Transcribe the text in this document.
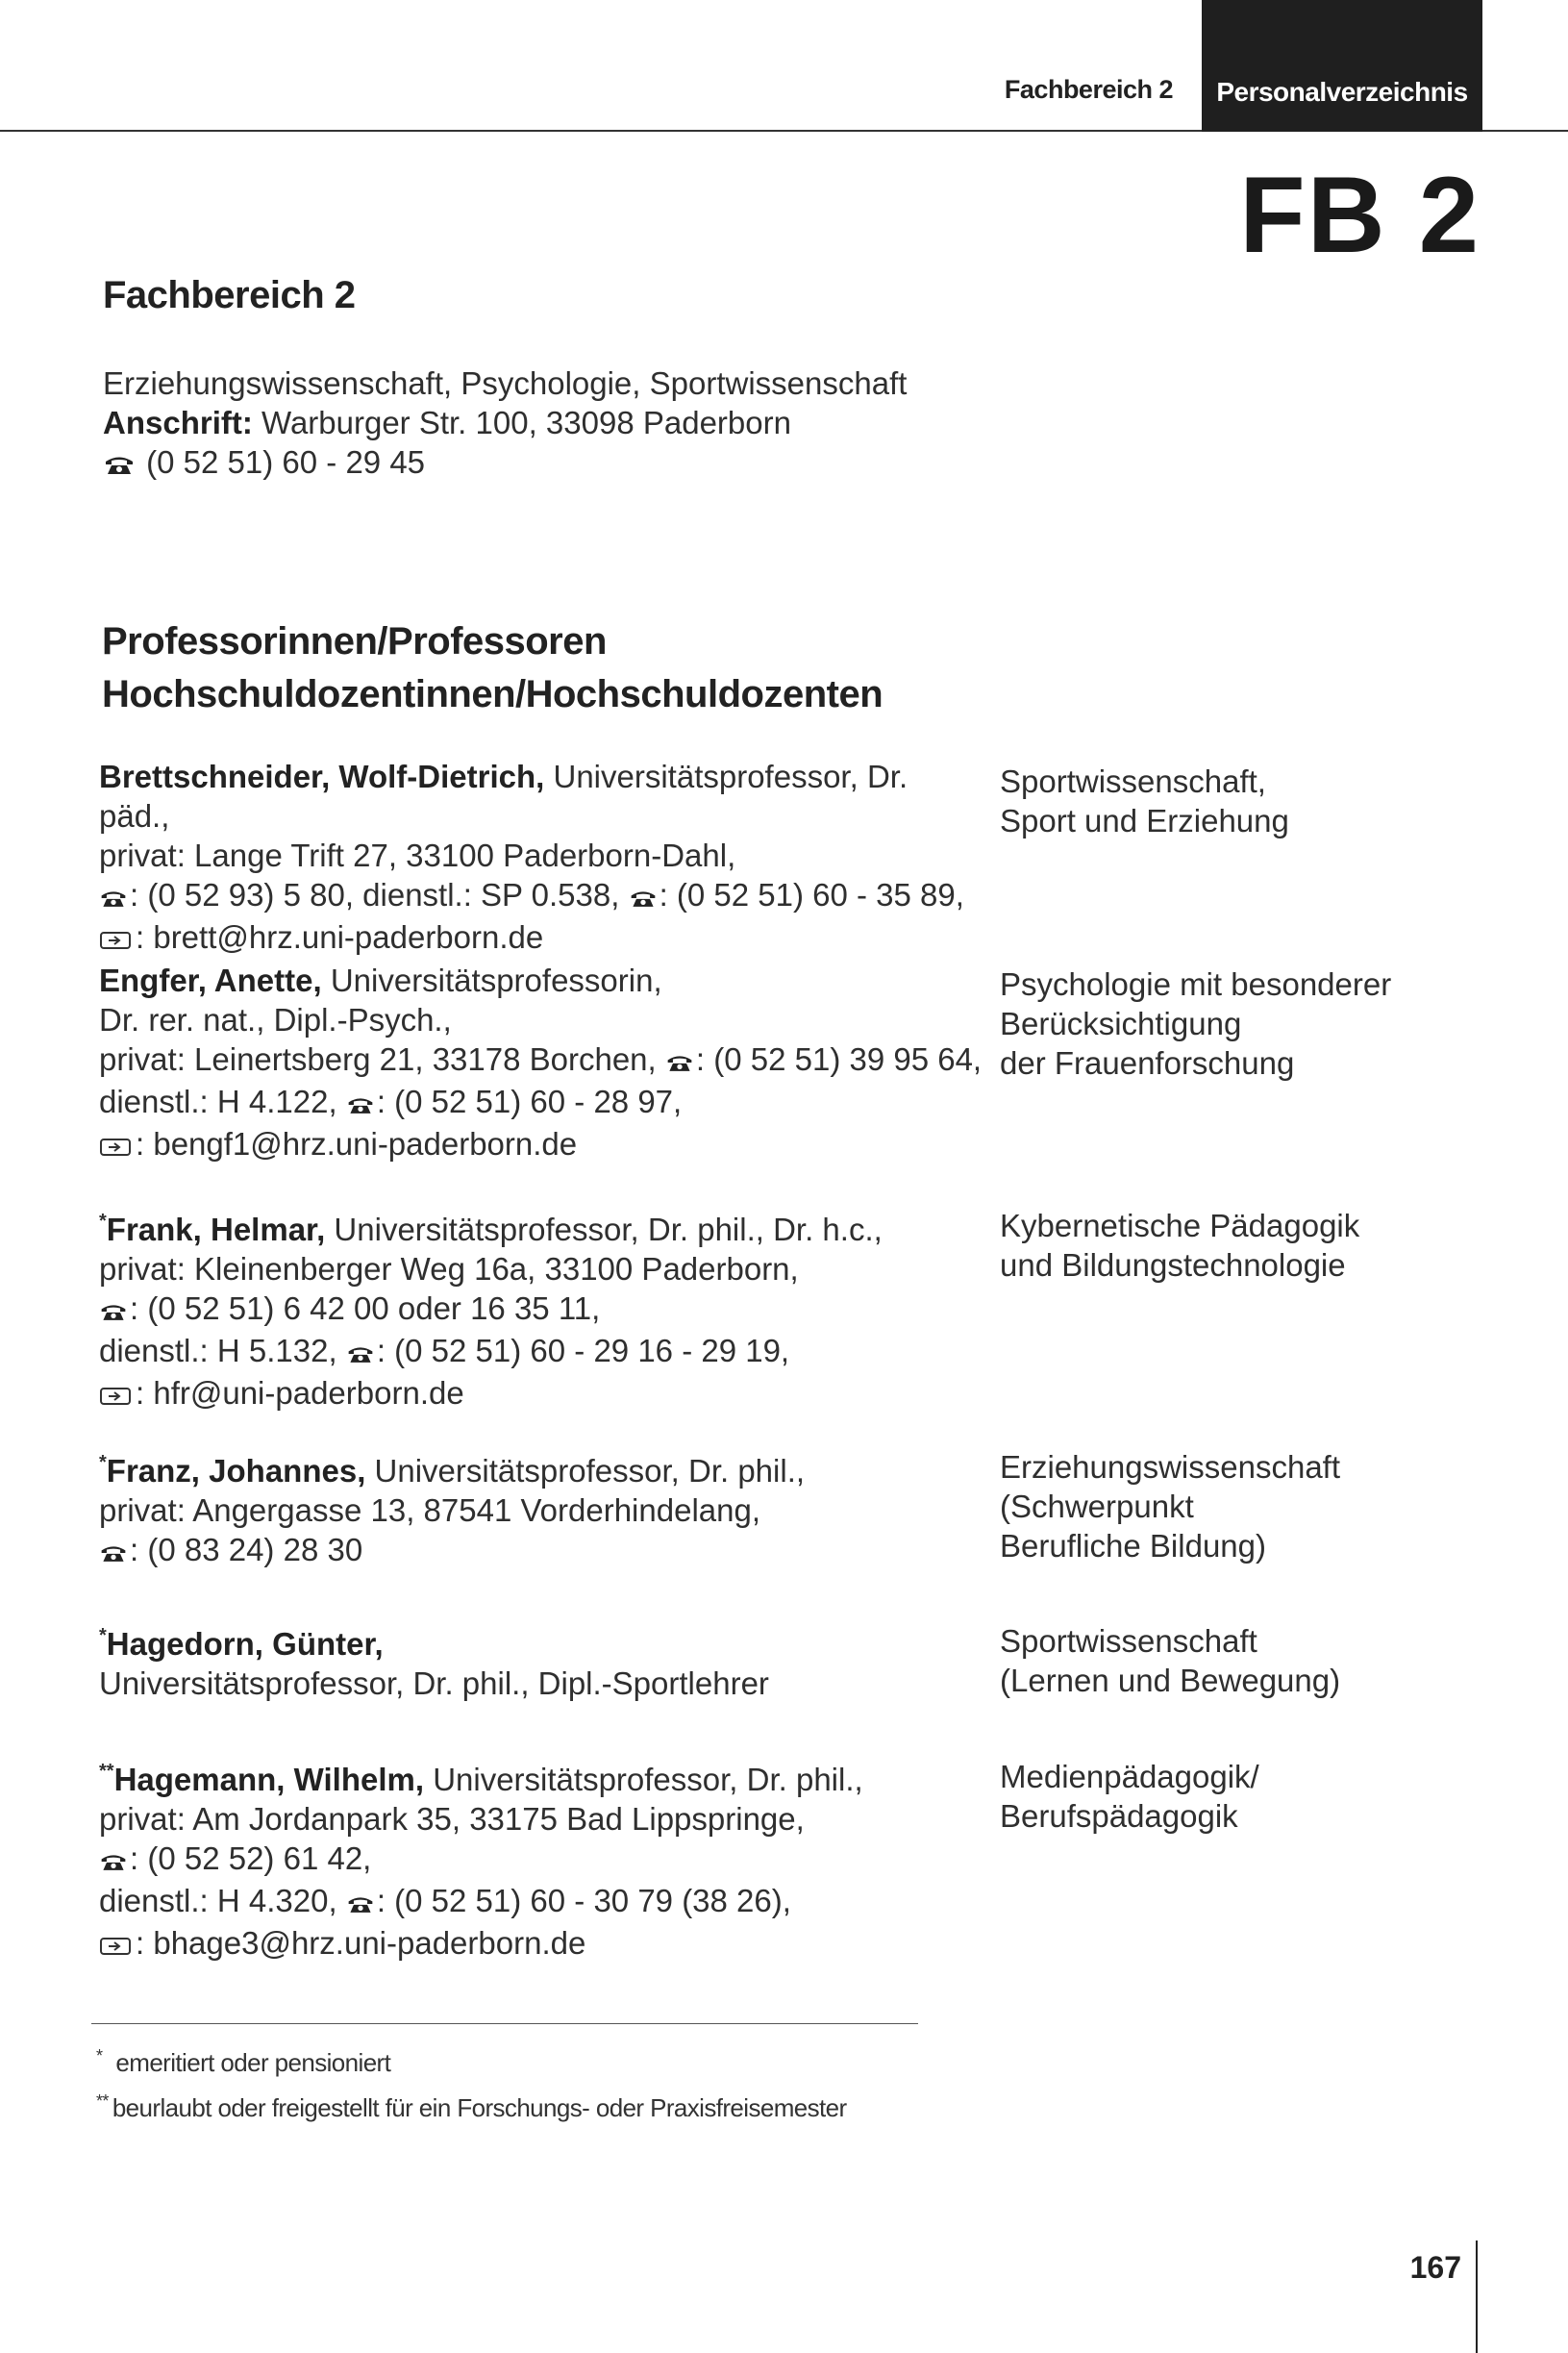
Fachbereich 2	Personalverzeichnis
FB 2
Fachbereich 2
Erziehungswissenschaft, Psychologie, Sportwissenschaft
Anschrift: Warburger Str. 100, 33098 Paderborn
(0 52 51) 60 - 29 45
Professorinnen/Professoren
Hochschuldozentinnen/Hochschuldozenten
Brettschneider, Wolf-Dietrich, Universitätsprofessor, Dr. päd.,
privat: Lange Trift 27, 33100 Paderborn-Dahl,
: (0 52 93) 5 80, dienstl.: SP 0.538, : (0 52 51) 60 - 35 89,
: brett@hrz.uni-paderborn.de
Sportwissenschaft,
Sport und Erziehung
Engfer, Anette, Universitätsprofessorin,
Dr. rer. nat., Dipl.-Psych.,
privat: Leinertsberg 21, 33178 Borchen, : (0 52 51) 39 95 64,
dienstl.: H 4.122, : (0 52 51) 60 - 28 97,
: bengf1@hrz.uni-paderborn.de
Psychologie mit besonderer
Berücksichtigung
der Frauenforschung
*Frank, Helmar, Universitätsprofessor, Dr. phil., Dr. h.c.,
privat: Kleinenberger Weg 16a, 33100 Paderborn,
: (0 52 51) 6 42 00 oder 16 35 11,
dienstl.: H 5.132, : (0 52 51) 60 - 29 16 - 29 19,
: hfr@uni-paderborn.de
Kybernetische Pädagogik
und Bildungstechnologie
*Franz, Johannes, Universitätsprofessor, Dr. phil.,
privat: Angergasse 13, 87541 Vorderhindelang,
: (0 83 24) 28 30
Erziehungswissenschaft
(Schwerpunkt
Berufliche Bildung)
*Hagedorn, Günter,
Universitätsprofessor, Dr. phil., Dipl.-Sportlehrer
Sportwissenschaft
(Lernen und Bewegung)
**Hagemann, Wilhelm, Universitätsprofessor, Dr. phil.,
privat: Am Jordanpark 35, 33175 Bad Lippspringe,
: (0 52 52) 61 42,
dienstl.: H 4.320, : (0 52 51) 60 - 30 79 (38 26),
: bhage3@hrz.uni-paderborn.de
Medienpädagogik/
Berufspädagogik
* emeritiert oder pensioniert
** beurlaubt oder freigestellt für ein Forschungs- oder Praxisfreisemester
167
